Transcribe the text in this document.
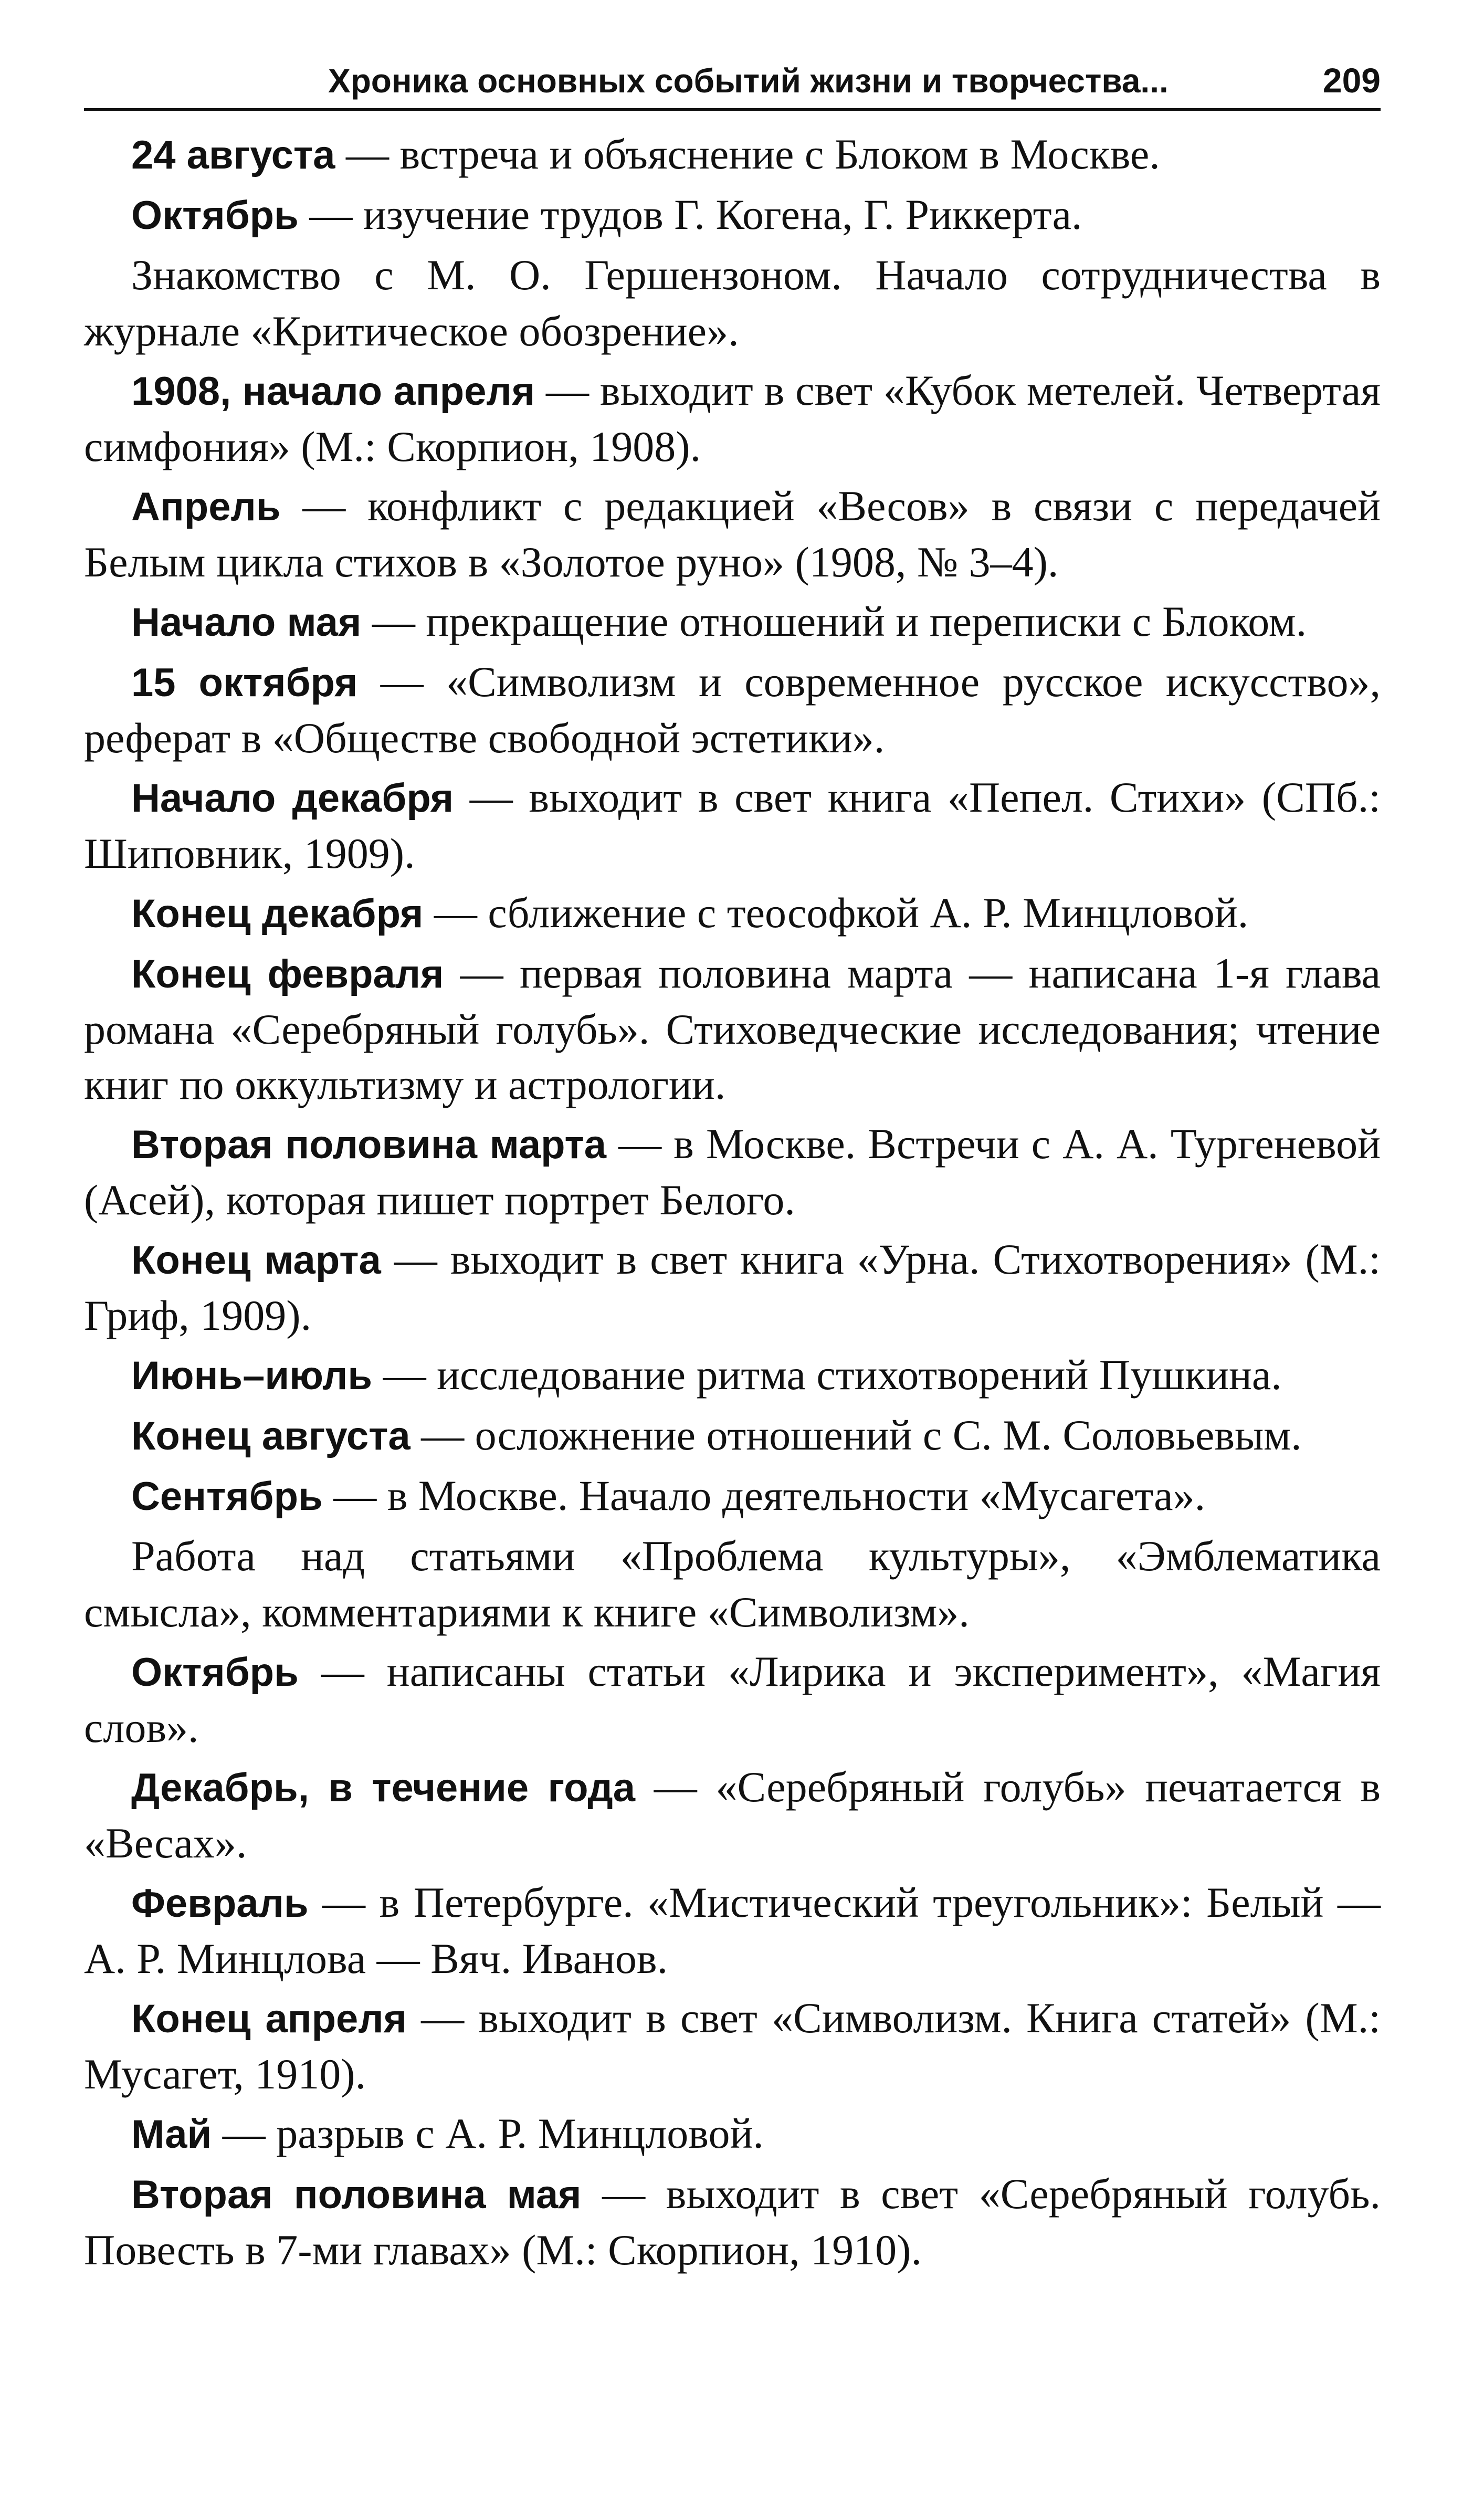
Хроника основных событий жизни и творчества...	209

24 августа — встреча и объяснение с Блоком в Москве.

Октябрь — изучение трудов Г. Когена, Г. Риккерта.

Знакомство с М. О. Гершензоном. Начало сотрудничества в журнале «Критическое обозрение».

1908, начало апреля — выходит в свет «Кубок метелей. Четвертая симфония» (М.: Скорпион, 1908).

Апрель — конфликт с редакцией «Весов» в связи с передачей Белым цикла стихов в «Золотое руно» (1908, № 3–4).

Начало мая — прекращение отношений и переписки с Блоком.

15 октября — «Символизм и современное русское искусство», реферат в «Обществе свободной эстетики».

Начало декабря — выходит в свет книга «Пепел. Стихи» (СПб.: Шиповник, 1909).

Конец декабря — сближение с теософкой А. Р. Минцловой.

Конец февраля — первая половина марта — написана 1-я глава романа «Серебряный голубь». Стиховедческие исследования; чтение книг по оккультизму и астрологии.

Вторая половина марта — в Москве. Встречи с А. А. Тургеневой (Асей), которая пишет портрет Белого.

Конец марта — выходит в свет книга «Урна. Стихотворения» (М.: Гриф, 1909).

Июнь–июль — исследование ритма стихотворений Пушкина.

Конец августа — осложнение отношений с С. М. Соловьевым.

Сентябрь — в Москве. Начало деятельности «Мусагета».

Работа над статьями «Проблема культуры», «Эмблематика смысла», комментариями к книге «Символизм».

Октябрь — написаны статьи «Лирика и эксперимент», «Магия слов».

Декабрь, в течение года — «Серебряный голубь» печатается в «Весах».

Февраль — в Петербурге. «Мистический треугольник»: Белый — А. Р. Минцлова — Вяч. Иванов.

Конец апреля — выходит в свет «Символизм. Книга статей» (М.: Мусагет, 1910).

Май — разрыв с А. Р. Минцловой.

Вторая половина мая — выходит в свет «Серебряный голубь. Повесть в 7-ми главах» (М.: Скорпион, 1910).
